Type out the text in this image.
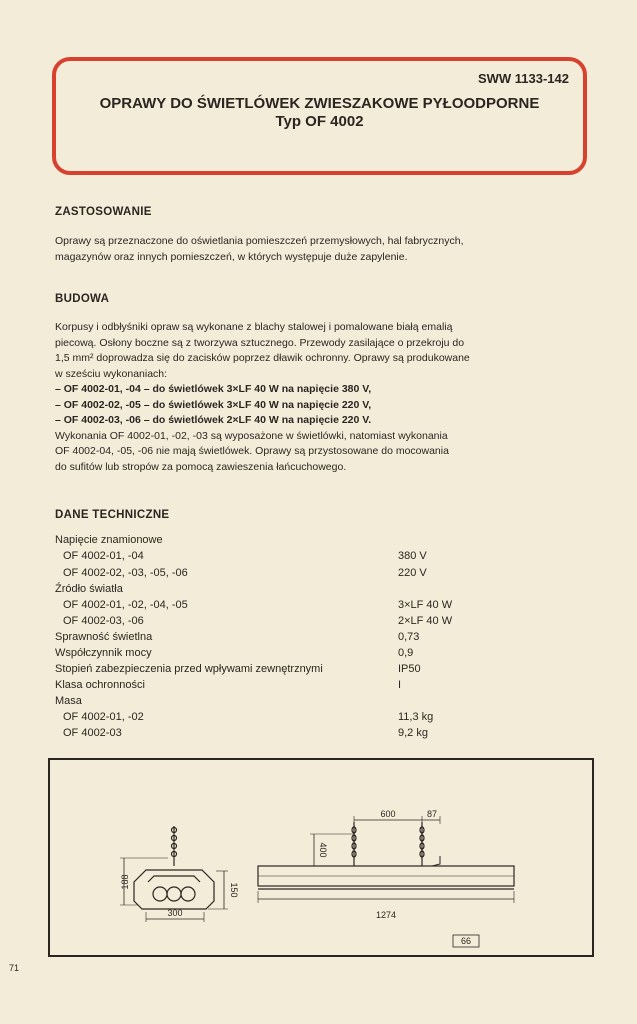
SWW 1133-142
OPRAWY DO ŚWIETLÓWEK ZWIESZAKOWE PYŁOODPORNE
Typ OF 4002
ZASTOSOWANIE
Oprawy są przeznaczone do oświetlania pomieszczeń przemysłowych, hal fabrycznych,
magazynów oraz innych pomieszczeń, w których występuje duże zapylenie.
BUDOWA
Korpusy i odbłyśniki opraw są wykonane z blachy stalowej i pomalowane białą emalią
piecową. Osłony boczne są z tworzywa sztucznego. Przewody zasilające o przekroju do
1,5 mm² doprowadza się do zacisków poprzez dławik ochronny. Oprawy są produkowane
w sześciu wykonaniach:
– OF 4002-01, -04 – do świetlówek 3×LF 40 W na napięcie 380 V,
– OF 4002-02, -05 – do świetlówek 3×LF 40 W na napięcie 220 V,
– OF 4002-03, -06 – do świetlówek 2×LF 40 W na napięcie 220 V.
Wykonania OF 4002-01, -02, -03 są wyposażone w świetlówki, natomiast wykonania
OF 4002-04, -05, -06 nie mają świetlówek. Oprawy są przystosowane do mocowania
do sufitów lub stropów za pomocą zawieszenia łańcuchowego.
DANE TECHNICZNE
Napięcie znamionowe
OF 4002-01, -04	380 V
OF 4002-02, -03, -05, -06	220 V
Źródło światła
OF 4002-01, -02, -04, -05	3×LF 40 W
OF 4002-03, -06	2×LF 40 W
Sprawność świetlna	0,73
Współczynnik mocy	0,9
Stopień zabezpieczenia przed wpływami zewnętrznymi	IP50
Klasa ochronności	I
Masa
OF 4002-01, -02	11,3 kg
OF 4002-03	9,2 kg
188
150
300
600	87
400
1274
66
71
